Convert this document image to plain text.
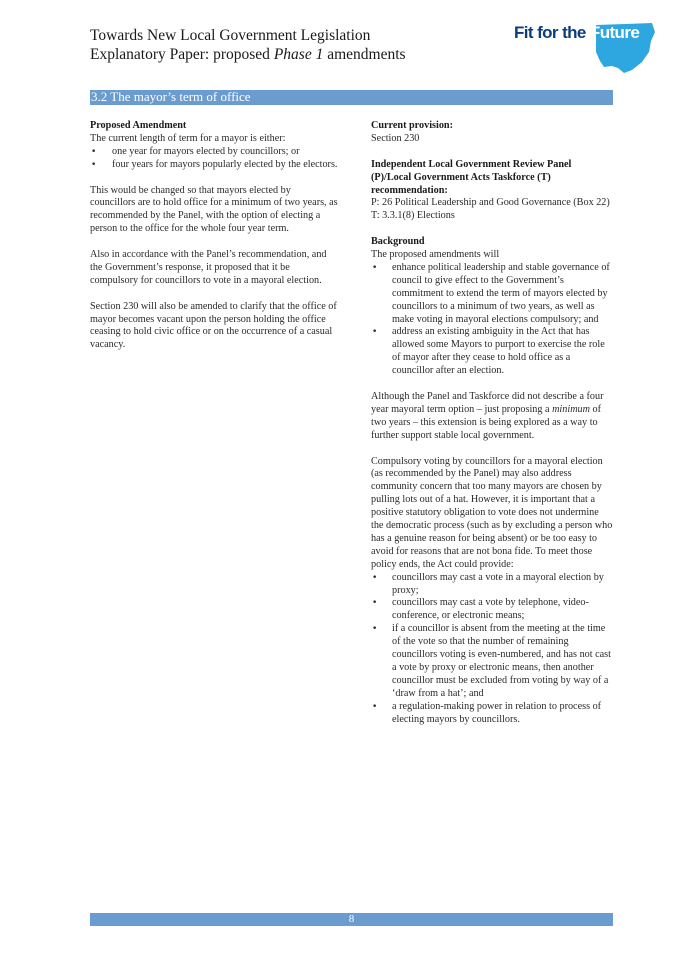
Towards New Local Government Legislation
Explanatory Paper: proposed Phase 1 amendments
Fit for the Future
3.2 The mayor’s term of office

Proposed Amendment

The current length of term for a mayor is either:

• one year for mayors elected by councillors; or
• four years for mayors popularly elected by the electors.

This would be changed so that mayors elected by councillors are to hold office for a minimum of two years, as recommended by the Panel, with the option of electing a person to the office for the whole four year term.

Also in accordance with the Panel’s recommendation, and the Government’s response, it proposed that it be compulsory for councillors to vote in a mayoral election.

Section 230 will also be amended to clarify that the office of mayor becomes vacant upon the person holding the office ceasing to hold civic office or on the occurrence of a casual vacancy.

Current provision:

Section 230

Independent Local Government Review Panel (P)/Local Government Acts Taskforce (T) recommendation:

P: 26 Political Leadership and Good Governance (Box 22)

T: 3.3.1(8) Elections

Background

The proposed amendments will

• enhance political leadership and stable governance of council to give effect to the Government’s commitment to extend the term of mayors elected by councillors to a minimum of two years, as well as make voting in mayoral elections compulsory; and
• address an existing ambiguity in the Act that has allowed some Mayors to purport to exercise the role of mayor after they cease to hold office as a councillor after an election.

Although the Panel and Taskforce did not describe a four year mayoral term option – just proposing a minimum of two years – this extension is being explored as a way to further support stable local government.

Compulsory voting by councillors for a mayoral election (as recommended by the Panel) may also address community concern that too many mayors are chosen by pulling lots out of a hat. However, it is important that a positive statutory obligation to vote does not undermine the democratic process (such as by excluding a person who has a genuine reason for being absent) or be too easy to avoid for reasons that are not bona fide. To meet those policy ends, the Act could provide:

• councillors may cast a vote in a mayoral election by proxy;
• councillors may cast a vote by telephone, video-conference, or electronic means;
• if a councillor is absent from the meeting at the time of the vote so that the number of remaining councillors voting is even-numbered, and has not cast a vote by proxy or electronic means, then another councillor must be excluded from voting by way of a ‘draw from a hat’; and
• a regulation-making power in relation to process of electing mayors by councillors.
8
